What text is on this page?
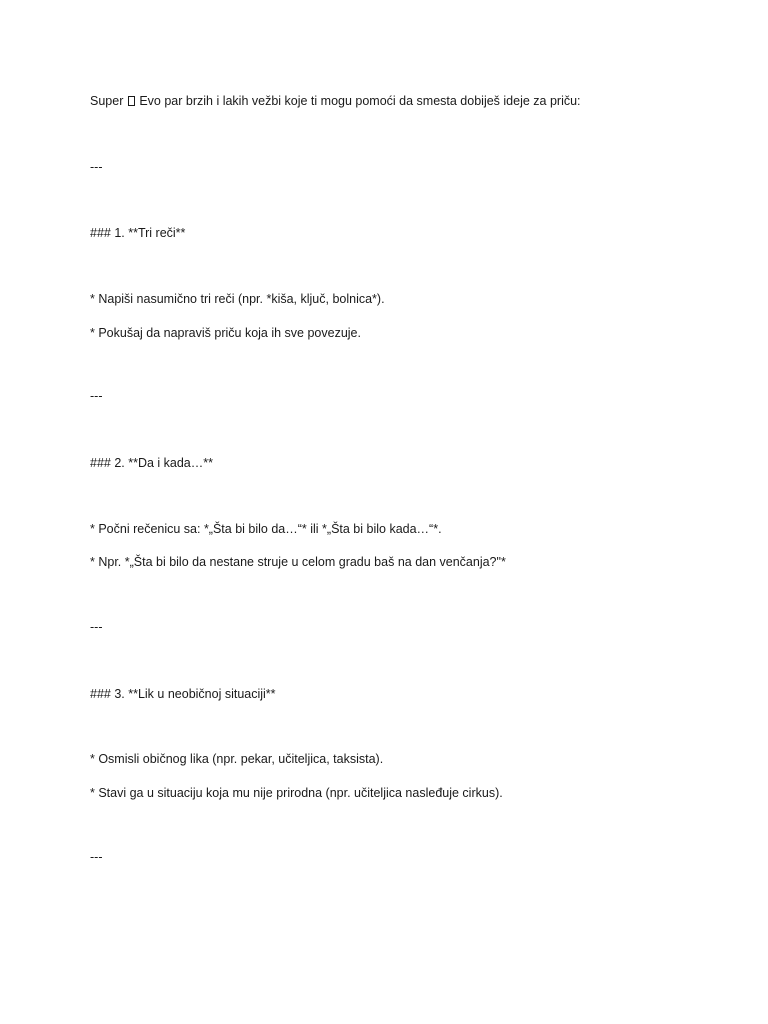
Super Evo par brzih i lakih vežbi koje ti mogu pomoći da smesta dobiješ ideje za priču:
---
### 1. **Tri reči**
* Napiši nasumično tri reči (npr. *kiša, ključ, bolnica*).
* Pokušaj da napraviš priču koja ih sve povezuje.
---
### 2. **Da i kada…**
* Počni rečenicu sa: *„Šta bi bilo da…“* ili *„Šta bi bilo kada…“*.
* Npr. *„Šta bi bilo da nestane struje u celom gradu baš na dan venčanja?"*
---
### 3. **Lik u neobičnoj situaciji**
* Osmisli običnog lika (npr. pekar, učiteljica, taksista).
* Stavi ga u situaciju koja mu nije prirodna (npr. učiteljica nasleđuje cirkus).
---
